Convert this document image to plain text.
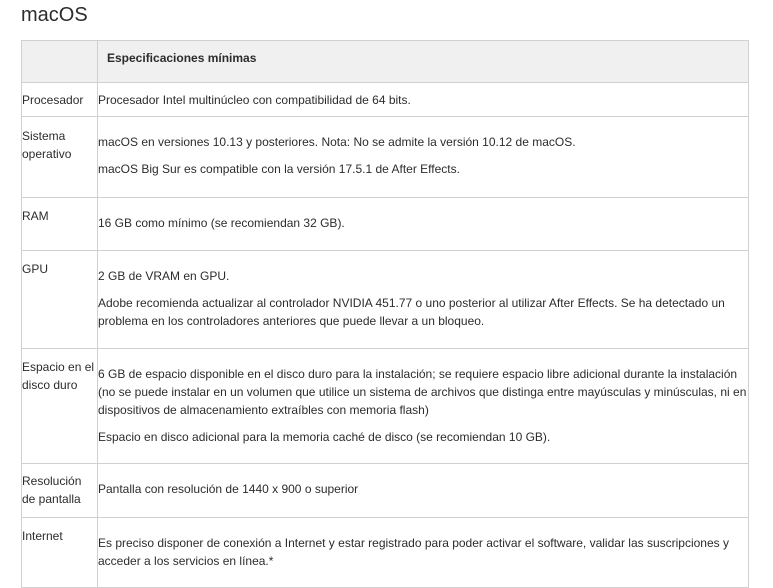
macOS
	Especificaciones mínimas
Procesador	Procesador Intel multinúcleo con compatibilidad de 64 bits.

Sistema operativo	macOS en versiones 10.13 y posteriores. Nota: No se admite la versión 10.12 de macOS.

macOS Big Sur es compatible con la versión 17.5.1 de After Effects.

RAM	16 GB como mínimo (se recomiendan 32 GB).

GPU	2 GB de VRAM en GPU.

Adobe recomienda actualizar al controlador NVIDIA 451.77 o uno posterior al utilizar After Effects. Se ha detectado un problema en los controladores anteriores que puede llevar a un bloqueo.

Espacio en el disco duro	6 GB de espacio disponible en el disco duro para la instalación; se requiere espacio libre adicional durante la instalación (no se puede instalar en un volumen que utilice un sistema de archivos que distinga entre mayúsculas y minúsculas, ni en dispositivos de almacenamiento extraíbles con memoria flash)

Espacio en disco adicional para la memoria caché de disco (se recomiendan 10 GB).

Resolución de pantalla	Pantalla con resolución de 1440 x 900 o superior

Internet	Es preciso disponer de conexión a Internet y estar registrado para poder activar el software, validar las suscripciones y acceder a los servicios en línea.*
